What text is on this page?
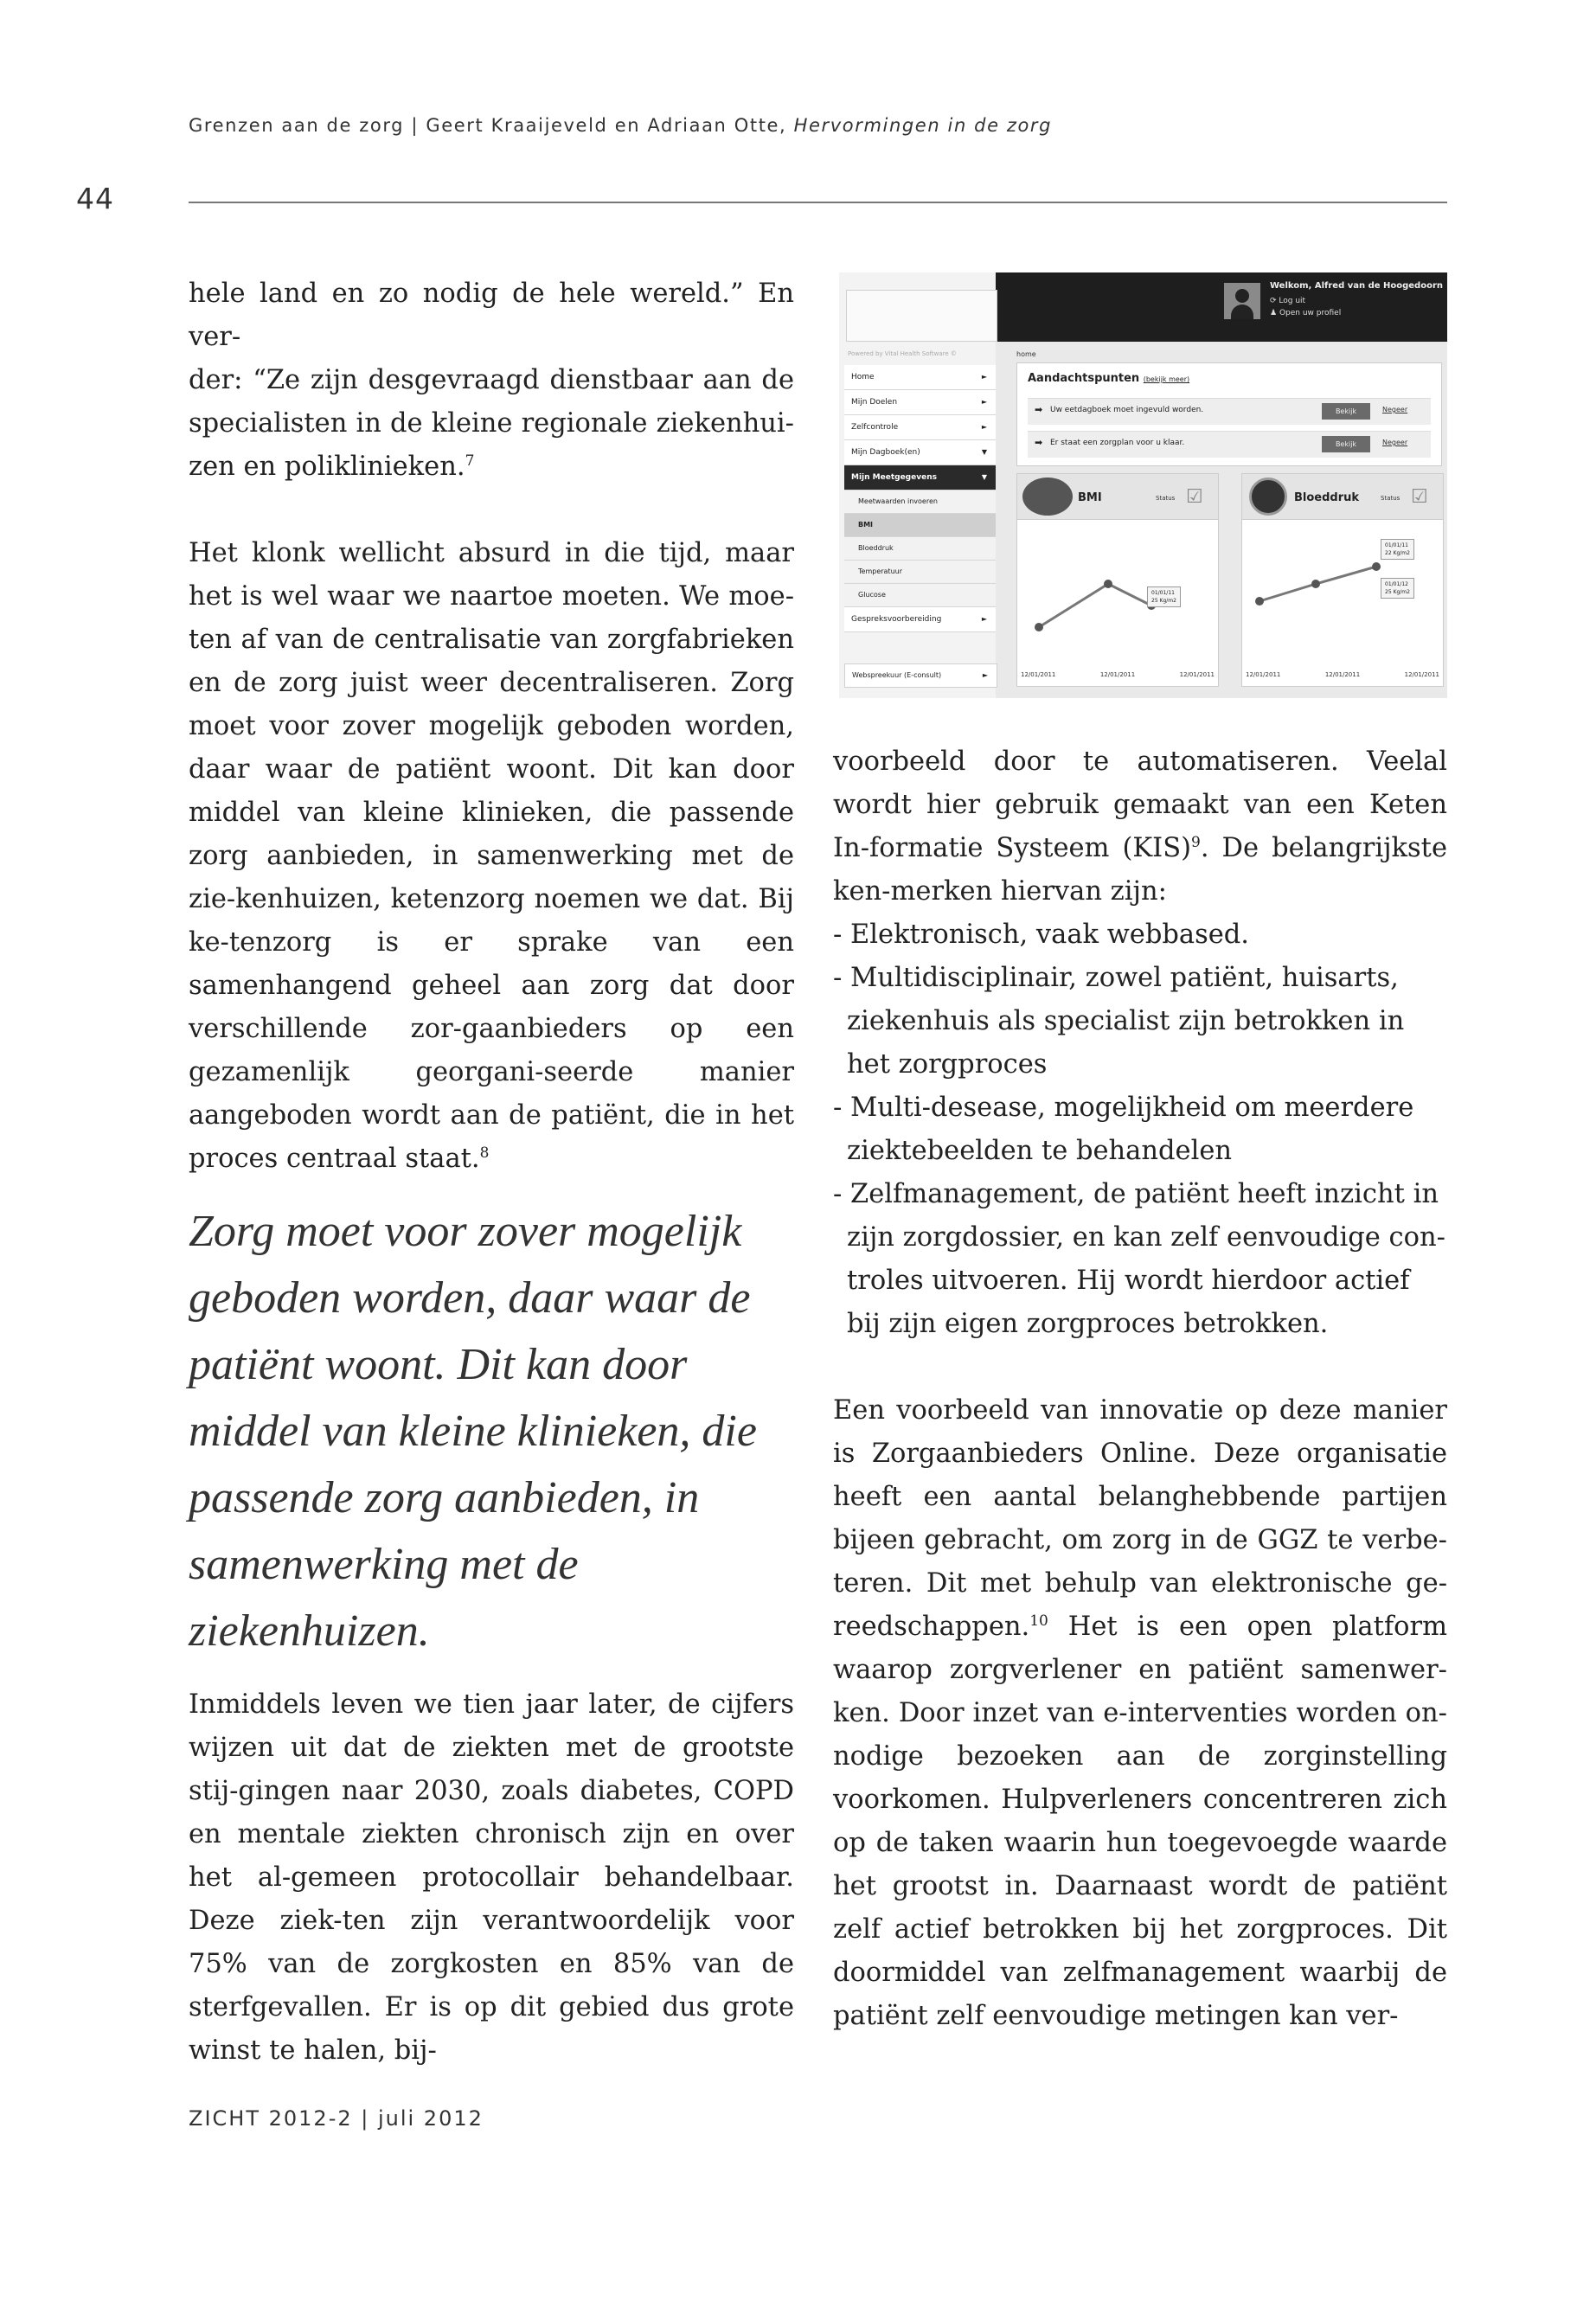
Grenzen aan de zorg | Geert Kraaijeveld en Adriaan Otte, Hervormingen in de zorg
44

hele land en zo nodig de hele wereld.” En ver-

der: “Ze zijn desgevraagd dienstbaar aan de

specialisten in de kleine regionale ziekenhui-

zen en poliklinieken.$^7$

Het klonk wellicht absurd in die tijd, maar het is wel waar we naartoe moeten. We moe-ten af van de centralisatie van zorgfabrieken en de zorg juist weer decentraliseren. Zorg moet voor zover mogelijk geboden worden, daar waar de patiënt woont. Dit kan door middel van kleine klinieken, die passende zorg aanbieden, in samenwerking met de zie-kenhuizen, ketenzorg noemen we dat. Bij ke-tenzorg is er sprake van een samenhangend geheel aan zorg dat door verschillende zor-gaanbieders op een gezamenlijk georgani-seerde manier aangeboden wordt aan de patiënt, die in het proces centraal staat.$^8$

Zorg moet voor zover mogelijk
geboden worden, daar waar de
patiënt woont. Dit kan door
middel van kleine klinieken, die
passende zorg aanbieden, in
samenwerking met de
ziekenhuizen.

Inmiddels leven we tien jaar later, de cijfers wijzen uit dat de ziekten met de grootste stij-gingen naar 2030, zoals diabetes, COPD en mentale ziekten chronisch zijn en over het al-gemeen protocollair behandelbaar. Deze ziek-ten zijn verantwoordelijk voor 75% van de zorgkosten en 85% van de sterfgevallen. Er is op dit gebied dus grote winst te halen, bij-

Welkom, Alfred van de Hoogedoorn
⟳ Log uit
♟ Open uw profiel
Powered by Vital Health Software ©
Home	►
Mijn Doelen	►
Zelfcontrole	►
Mijn Dagboek(en)	▼
Mijn Meetgegevens	▼
Meetwaarden invoeren
BMI
Bloeddruk
Temperatuur
Glucose
Gespreksvoorbereiding	►
Webspreekuur (E-consult)	►
home
Aandachtspunten (bekijk meer)
➡ Uw eetdagboek moet ingevuld worden.	Bekijk	Negeer
➡ Er staat een zorgplan voor u klaar.	Bekijk	Negeer
BMI	Status ☑
01/01/11
25 Kg/m2
12/01/2011	12/01/2011	12/01/2011
Bloeddruk	Status ☑
01/01/11
22 Kg/m2
01/01/12
25 Kg/m2
12/01/2011	12/01/2011	12/01/2011

voorbeeld door te automatiseren. Veelal wordt hier gebruik gemaakt van een Keten In-formatie Systeem (KIS)$^9$. De belangrijkste ken-merken hiervan zijn:

- Elektronisch, vaak webbased.
- Multidisciplinair, zowel patiënt, huisarts, ziekenhuis als specialist zijn betrokken in het zorgproces
- Multi-desease, mogelijkheid om meerdere ziektebeelden te behandelen
- Zelfmanagement, de patiënt heeft inzicht in zijn zorgdossier, en kan zelf eenvoudige con-troles uitvoeren. Hij wordt hierdoor actief bij zijn eigen zorgproces betrokken.

Een voorbeeld van innovatie op deze manier is Zorgaanbieders Online. Deze organisatie heeft een aantal belanghebbende partijen bijeen gebracht, om zorg in de GGZ te verbe-teren. Dit met behulp van elektronische ge-reedschappen.$^{10}$ Het is een open platform waarop zorgverlener en patiënt samenwer-ken. Door inzet van e-interventies worden on-nodige bezoeken aan de zorginstelling voorkomen. Hulpverleners concentreren zich op de taken waarin hun toegevoegde waarde het grootst in. Daarnaast wordt de patiënt zelf actief betrokken bij het zorgproces. Dit doormiddel van zelfmanagement waarbij de patiënt zelf eenvoudige metingen kan ver-

ZICHT 2012-2 | juli 2012
